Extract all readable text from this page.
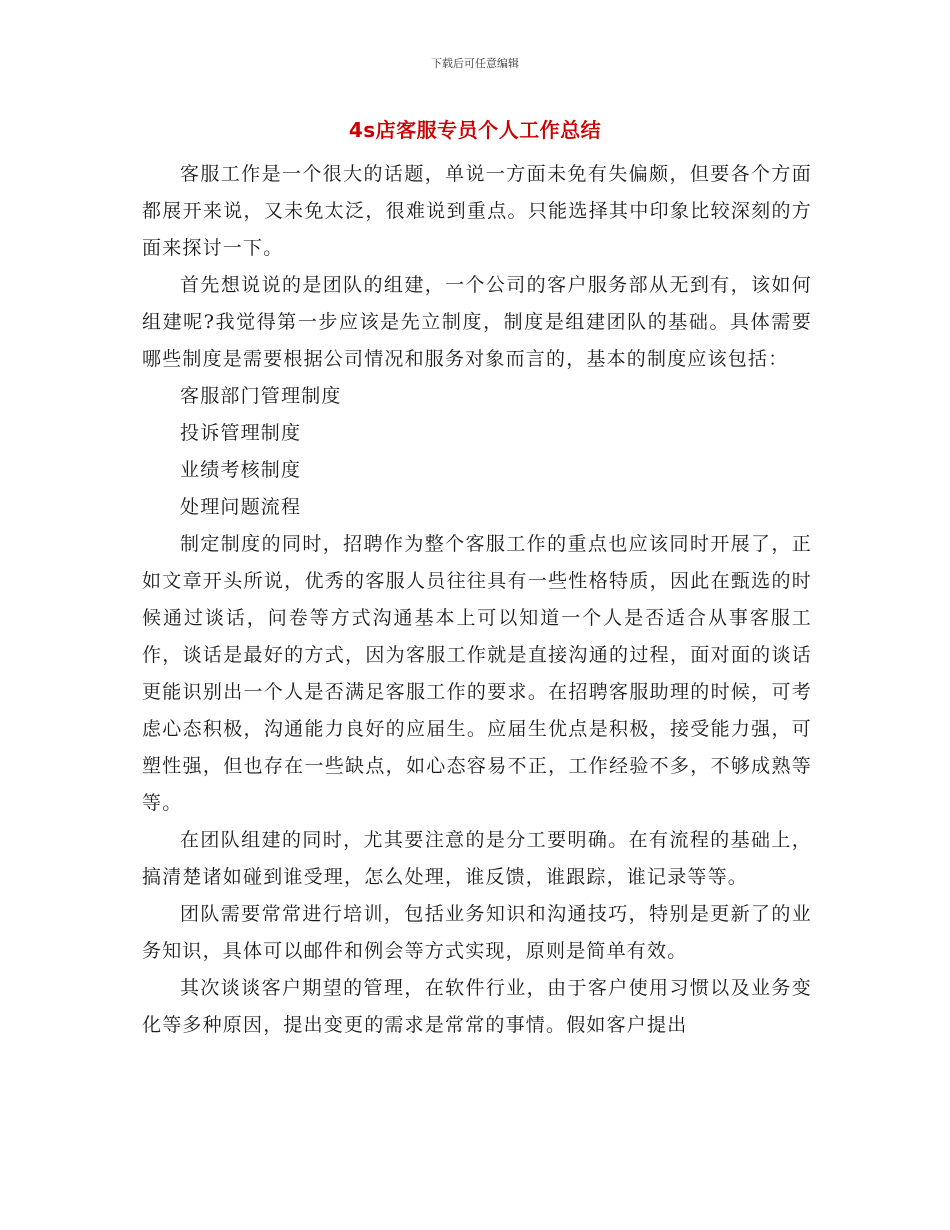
下载后可任意编辑
4s店客服专员个人工作总结

客服工作是一个很大的话题，单说一方面未免有失偏颇，但要各个方面都展开来说，又未免太泛，很难说到重点。只能选择其中印象比较深刻的方面来探讨一下。

首先想说说的是团队的组建，一个公司的客户服务部从无到有，该如何组建呢?我觉得第一步应该是先立制度，制度是组建团队的基础。具体需要哪些制度是需要根据公司情况和服务对象而言的，基本的制度应该包括：

客服部门管理制度

投诉管理制度

业绩考核制度

处理问题流程

制定制度的同时，招聘作为整个客服工作的重点也应该同时开展了，正如文章开头所说，优秀的客服人员往往具有一些性格特质，因此在甄选的时候通过谈话，问卷等方式沟通基本上可以知道一个人是否适合从事客服工作，谈话是最好的方式，因为客服工作就是直接沟通的过程，面对面的谈话更能识别出一个人是否满足客服工作的要求。在招聘客服助理的时候，可考虑心态积极，沟通能力良好的应届生。应届生优点是积极，接受能力强，可塑性强，但也存在一些缺点，如心态容易不正，工作经验不多，不够成熟等等。

在团队组建的同时，尤其要注意的是分工要明确。在有流程的基础上，搞清楚诸如碰到谁受理，怎么处理，谁反馈，谁跟踪，谁记录等等。

团队需要常常进行培训，包括业务知识和沟通技巧，特别是更新了的业务知识，具体可以邮件和例会等方式实现，原则是简单有效。

其次谈谈客户期望的管理，在软件行业，由于客户使用习惯以及业务变化等多种原因，提出变更的需求是常常的事情。假如客户提出
